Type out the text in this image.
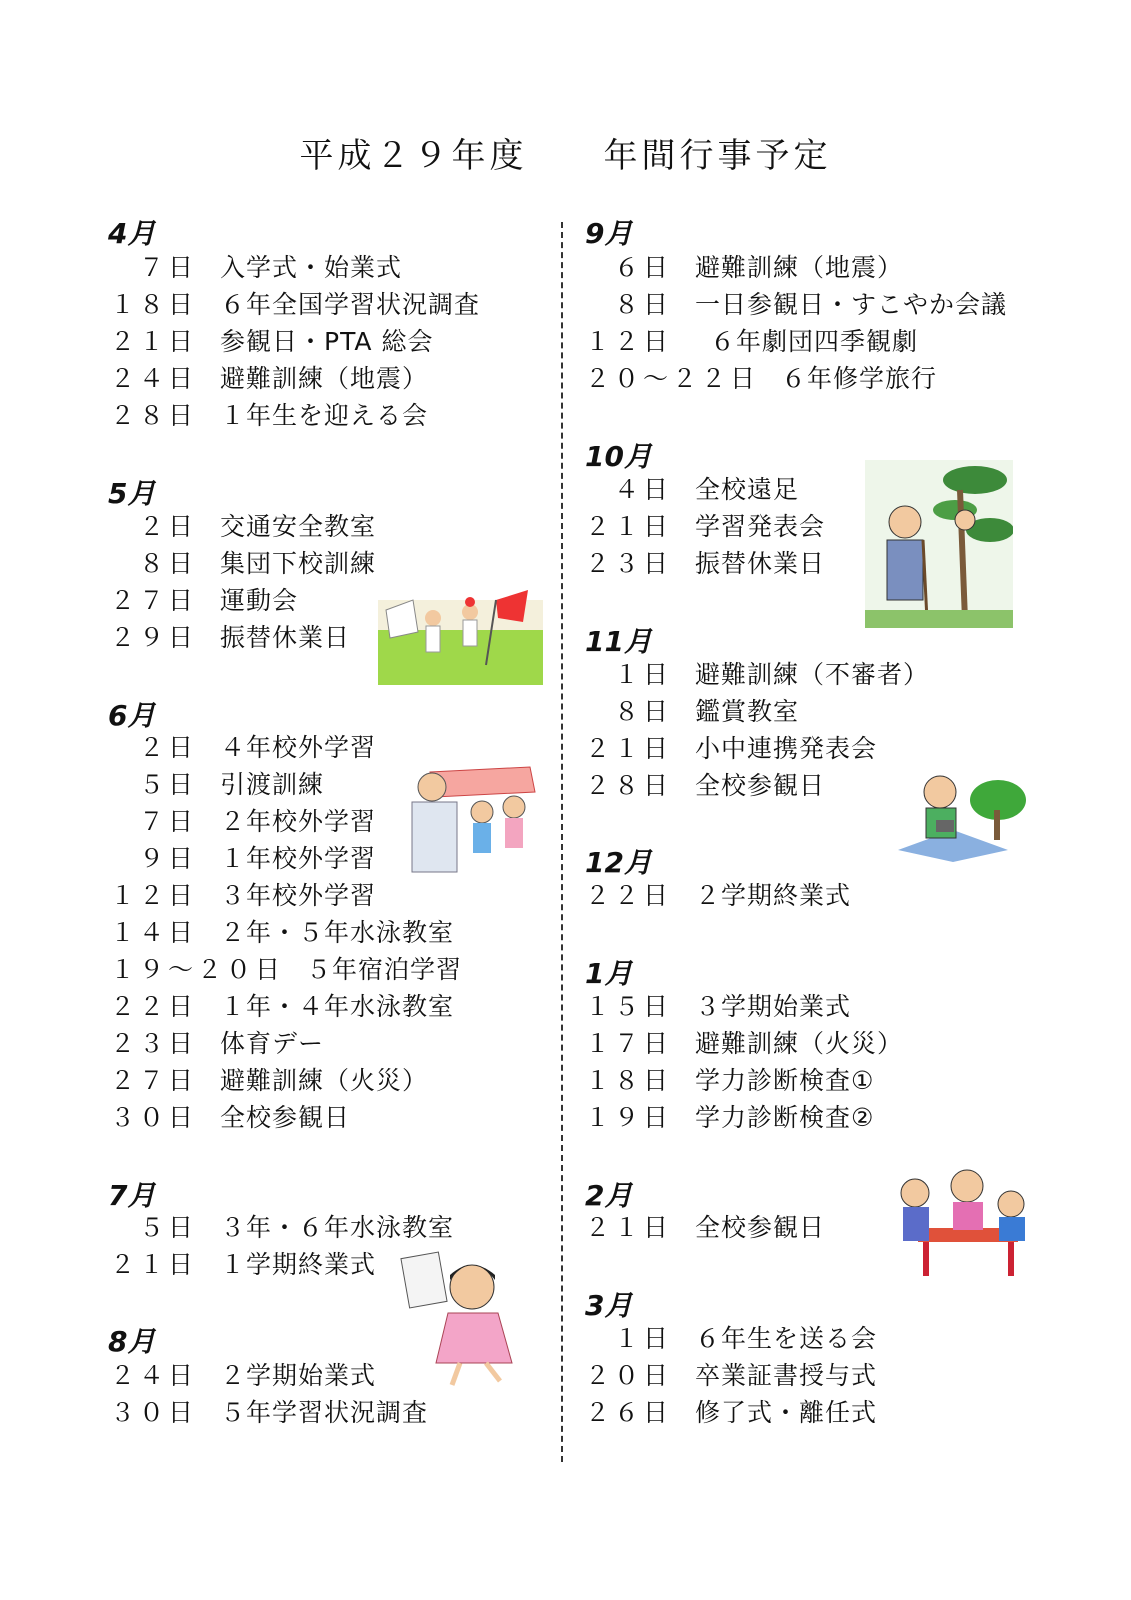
平成２９年度　　年間行事予定
4月
　７日 入学式・始業式
１８日 ６年全国学習状況調査
２１日 参観日・PTA 総会
２４日 避難訓練（地震）
２８日 １年生を迎える会
5月
　２日 交通安全教室
　８日 集団下校訓練
２７日 運動会
２９日 振替休業日
6月
　２日 ４年校外学習
　５日 引渡訓練
　７日 ２年校外学習
　９日 １年校外学習
１２日 ３年校外学習
１４日 ２年・５年水泳教室
１９～２０日 ５年宿泊学習
２２日 １年・４年水泳教室
２３日 体育デー
２７日 避難訓練（火災）
３０日 全校参観日
7月
　５日 ３年・６年水泳教室
２１日 １学期終業式
8月
２４日 ２学期始業式
３０日 ５年学習状況調査
9月
　６日 避難訓練（地震）
　８日 一日参観日・すこやか会議
１２日 ６年劇団四季観劇
２０～２２日 ６年修学旅行
10月
　４日 全校遠足
２１日 学習発表会
２３日 振替休業日
11月
　１日 避難訓練（不審者）
　８日 鑑賞教室
２１日 小中連携発表会
２８日 全校参観日
12月
２２日 ２学期終業式
1月
１５日 ３学期始業式
１７日 避難訓練（火災）
１８日 学力診断検査①
１９日 学力診断検査②
2月
２１日 全校参観日
3月
　１日 ６年生を送る会
２０日 卒業証書授与式
２６日 修了式・離任式
